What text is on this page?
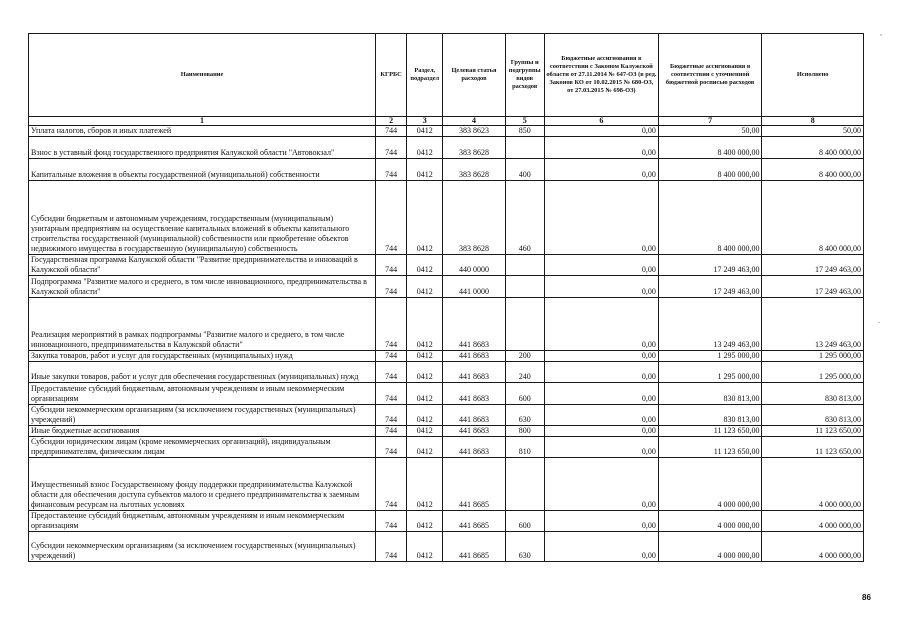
Наименование	КГРБС	Раздел, подраздел	Целевая статья расходов	Группы и подгруппы видов расходов	Бюджетные ассигнования в соответствии с Законом Калужской области от 27.11.2014 № 647-ОЗ (в ред. Законов КО от 10.02.2015 № 680-ОЗ, от 27.03.2015 № 698-ОЗ)	Бюджетные ассигнования в соответствии с уточненной бюджетной росписью расходов	Исполнено
1	2	3	4	5	6	7	8
Уплата налогов, сборов и иных платежей	744	0412	383 8623	850	0,00	50,00	50,00
Взнос в уставный фонд государственного предприятия Калужской области "Автовокзал"	744	0412	383 8628		0,00	8 400 000,00	8 400 000,00
Капитальные вложения в объекты государственной (муниципальной) собственности	744	0412	383 8628	400	0,00	8 400 000,00	8 400 000,00
Субсидии бюджетным и автономным учреждениям, государственным (муниципальным) унитарным предприятиям на осуществление капитальных вложений в объекты капитального строительства государственной (муниципальной) собственности или приобретение объектов недвижимого имущества в государственную (муниципальную) собственность	744	0412	383 8628	460	0,00	8 400 000,00	8 400 000,00
Государственная программа Калужской области "Развитие предпринимательства и инноваций в Калужской области"	744	0412	440 0000		0,00	17 249 463,00	17 249 463,00
Подпрограмма "Развитие малого и среднего, в том числе инновационного, предпринимательства в Калужской области"	744	0412	441 0000		0,00	17 249 463,00	17 249 463,00
Реализация мероприятий в рамках подпрограммы "Развитие малого и среднего, в том числе инновационного, предпринимательства в Калужской области"	744	0412	441 8683		0,00	13 249 463,00	13 249 463,00
Закупка товаров, работ и услуг для государственных (муниципальных) нужд	744	0412	441 8683	200	0,00	1 295 000,00	1 295 000,00
Иные закупки товаров, работ и услуг для обеспечения государственных (муниципальных) нужд	744	0412	441 8683	240	0,00	1 295 000,00	1 295 000,00
Предоставление субсидий бюджетным, автономным учреждениям и иным некоммерческим организациям	744	0412	441 8683	600	0,00	830 813,00	830 813,00
Субсидии некоммерческим организациям (за исключением государственных (муниципальных) учреждений)	744	0412	441 8683	630	0,00	830 813,00	830 813,00
Иные бюджетные ассигнования	744	0412	441 8683	800	0,00	11 123 650,00	11 123 650,00
Субсидии юридическим лицам (кроме некоммерческих организаций), индивидуальным предпринимателям, физическим лицам	744	0412	441 8683	810	0,00	11 123 650,00	11 123 650,00
Имущественный взнос Государственному фонду поддержки предпринимательства Калужской области для обеспечения доступа субъектов малого и среднего предпринимательства к заемным финансовым ресурсам на льготных условиях	744	0412	441 8685		0,00	4 000 000,00	4 000 000,00
Предоставление субсидий бюджетным, автономным учреждениям и иным некоммерческим организациям	744	0412	441 8685	600	0,00	4 000 000,00	4 000 000,00
Субсидии некоммерческим организациям (за исключением государственных (муниципальных) учреждений)	744	0412	441 8685	630	0,00	4 000 000,00	4 000 000,00
86
,
.
